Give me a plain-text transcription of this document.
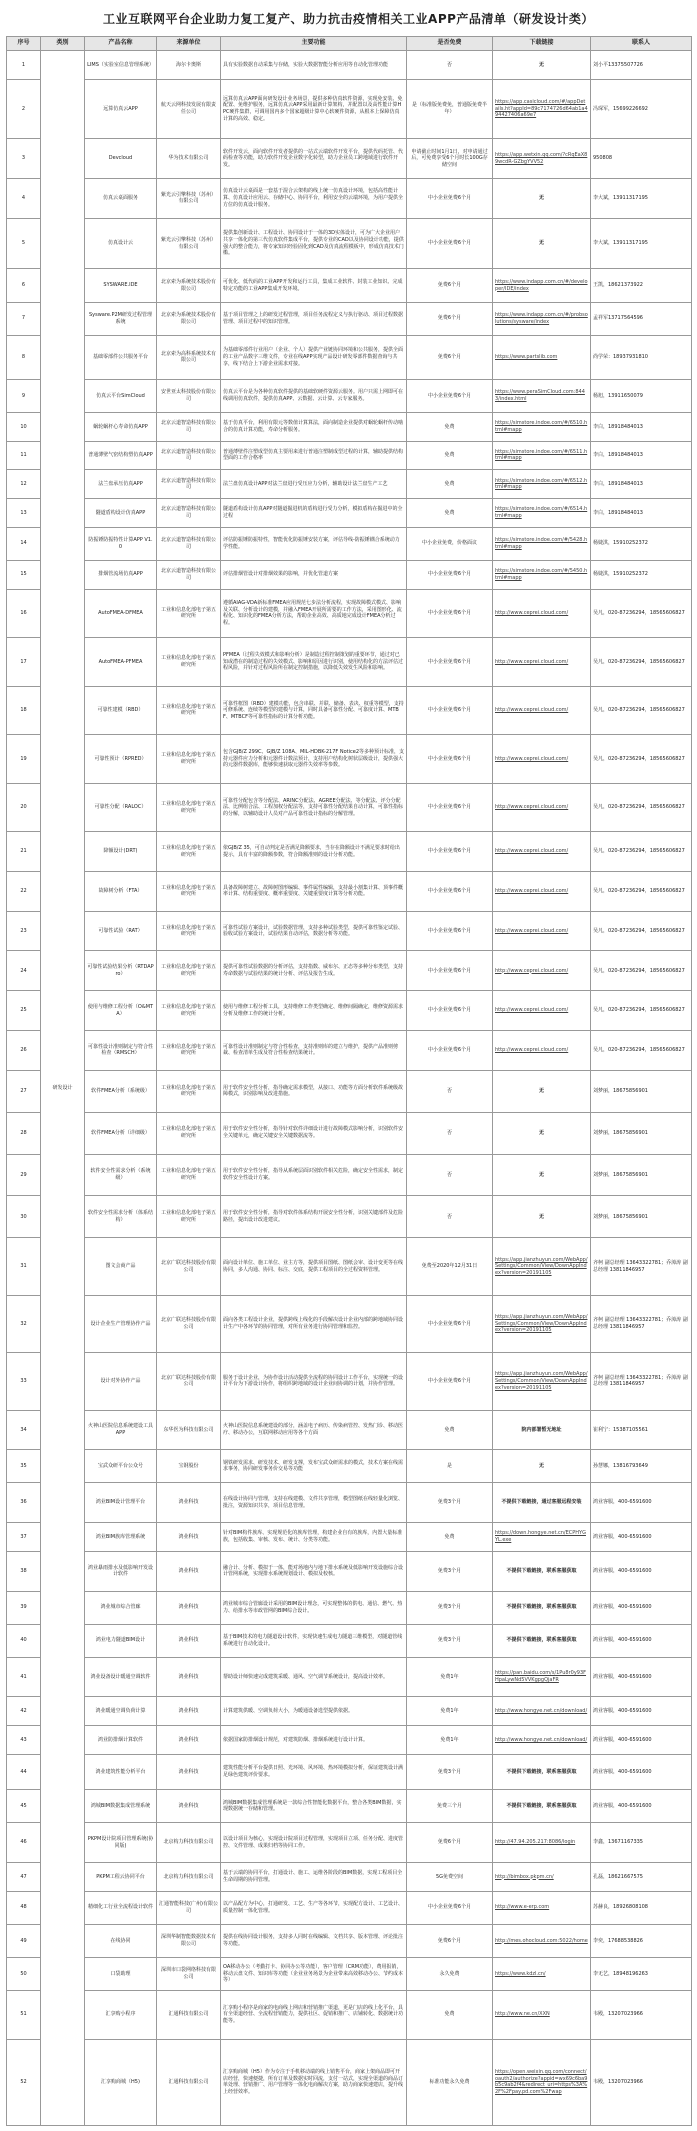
工业互联网平台企业助力复工复产、助力抗击疫情相关工业APP产品清单（研发设计类）
序号	类别	产品名称	来源单位	主要功能	是否免费	下载链接	联系人
1	研发设计	LIMS（实验室信息管理系统）	海尔卡奥斯	具有实验数据自动采集与存储，实验大数据智能分析应用等自动化管理功能	否	无	刘小平13375507726
2		远算仿真云APP	航天云网科技发展有限责任公司	远算仿真云APP面向研发设计业务场景，提供多种仿真软件资源，实现免安装、免配置、免维护服务，远算仿真云APP采用最新计算架构，并配置以及高性能计算HPC硬件集群，可调用国内多个国家超级计算中心软硬件资源，从根本上保障仿真计算的高效、稳定。	是（标准版免费免，普通版免费半年）	https://app.casicloud.com/#/appDetails.ht?appId=89c7174726d64ab1a494427406a69e7	冯琛军，15699226692
3		Devcloud	华为技术有限公司	软件开发云，面向软件开发者提供的一站式云端软件开发平台，提供代码托管、代码检查等功能，助力软件开发企业数字化转型，助力企业员工跨地域进行软件开发。	申请截止时间1月1日，对申请通过后，可免费享受6个月时长100G存储空间	https://app.wetxin.qq.com/?cRqEaX89wcdR-GZbgYVV52	950808
4		仿真云桌面服务	紫光云引擎科技（苏州）有限公司	仿真设计云桌面是一套基于混合云架构的线上统一仿真设计环境，包括高性能计算、仿真设计应用云、存储中心、协同平台，利用安全的云端环境，为用户提供全方位的仿真设计服务。	中小企业免费6个月	无	李大斌，13911317195
5		仿真设计云	紫光云引擎科技（苏州）有限公司	提供集创新设计、工程设计、协同设计于一体的3D实体设计，可为广大企业用户共享一体化的第三代仿真软件集成平台，提供专业的CAD以及协同设计功能，提供强大的整合能力，将专家知识经验固化到CAD及仿真流程模板中，形成仿真技术门槛。	中小企业免费6个月	无	李大斌，13911317195
6		SYSWARE.IDE	北京索为系统技术股份有限公司	可优化、低代码的工业APP开发和运行工具，集成工业软件、封装工业知识、完成特定功能的工业APP集成开发环境。	免费6个月	https://www.indapp.com.cn/#/developer/IDE/index	王凯，18621373922
7		Sysware.P2M研发过程管理系统	北京索为系统技术股份有限公司	基于项目管理之上的研发过程管理，项目任务流程定义与执行驱动、项目过程数据管理、项目过程中的知识管理。	免费6个月	https://www.indapp.com.cn/#/probsolutions/sysware/index	孟祥军13717564596
8		基础零部件公共服务平台	北京索为高科系统技术有限公司	为基础零部件行业用户（企业、个人）提供产业链协同环境和公共服务，提供全面的工业产品数字三维文件，专业在线APP实现产品设计研发零部件数据查询与共享，线下结合上下游企业需求对接。	免费6个月	https://www.partslib.com	尚学荣：18937931810
9		仿真云平台SimCloud	安世亚太科技股份有限公司	仿真云平台是为各种仿真软件提供的基础软硬件资源云服务。用户只需上网即可在线调用仿真软件，提供仿真APP、云数据、云计算、云专家服务。	中小企业免费6个月	https://www.peraSimCloud.com:8443/index.html	杨旭，13911650079
10		蜗轮蜗杆心寿命仿真APP	北京云道智造科技有限公司	基于仿真平台，利用有限元等数值计算算法，面向制造企业提供对蜗轮蜗杆传动啮合的仿真计算功能，寿命分析服务。	免费	https://simstore.indoe.com/#/6510.html#mapp	李白，18918484013
11		普通薄壁气密结构塑仿真APP	北京云道智造科技有限公司	普通薄壁件注塑成型仿真主要用来进行普通注塑制成型过程的计算，辅助提供结构型面的工作合格率	免费	https://simstore.indoe.com/#/6511.html#mapp	李白，18918484013
12		法兰盘承压仿真APP	北京云道智造科技有限公司	法兰盘仿真设计APP对法兰盘进行受压应力分析，辅助设计法兰盘生产工艺	免费	https://simstore.indoe.com/#/6512.html#mapp	李白，18918484013
13		隧道盾构设计仿真APP	北京云道智造科技有限公司	隧道盾构设计仿真APP对隧道掘进机的盾构进行受力分析，模拟盾构在掘进中的全过程	免费	https://simstore.indoe.com/#/6514.html#mapp	李白，18918484013
14		防振锤防振特性计算APP V1.0	北京云道智造科技有限公司	评估防振锤防振特性，智能优化防振锤安装方案，评估导线-防振锤耦合系统动力学性能。	中小企业免费，价格面议	https://simstore.indoe.com/#/5428.html#mapp	杨婕淇，15910252372
15		排烟管流场仿真APP	北京云道智造科技有限公司	评估排烟管设计对排烟效果的影响，并优化管道方案	中小企业免费6个月	https://simstore.indoe.com/#/5450.html#mapp	杨婕淇，15910252372
16		AutoFMEA-DFMEA	工业和信息化部电子第五研究所	遵循AIAG-VDA新标准FMEA应用规范七步法分析流程，实现故障模式模式、影响及关联、分析设计的建模，并融入FMEA开展所需要的工作方法，采用图形化、流程化、知识化的FMEA分析方法，帮助企业高效、高质地完成设计FMEA分析过程。	中小企业免费6个月	http://www.ceprei.cloud.com/	吴凡，020-87236294，18565606827
17		AutoFMEA-PFMEA	工业和信息化部电子第五研究所	PFMEA（过程失效模式和影响分析）是制造过程控制策划的重要环节，通过对已知或潜在的制造过程的失效模式、影响和原因进行识别，使用结构化的方法评估过程风险，并针对过程风险所在制定控制措施，以降低失效发生风险和影响。	中小企业免费6个月	http://www.ceprei.cloud.com/	吴凡，020-87236294，18565606827
18		可靠性建模（RBD）	工业和信息化部电子第五研究所	可靠性框图（RBD）建模功能，包含串联、并联、储备、表决、权重等模型，支持可修系统、连续等模型的建模与计算，同时具备可靠性分配、可靠度计算、MTBF、MTBCF等可靠性指标的计算分析功能。	中小企业免费6个月	http://www.ceprei.cloud.com/	吴凡，020-87236294，18565606827
19		可靠性预计（RPRED）	工业和信息化部电子第五研究所	包含GJB/Z 299C、GJB/Z 108A、MIL-HDBK-217F Notice2等多种预计标准，支持元器件应力分析和元器件计数法预计，支持用户结构化树状层级设计，提供强大的元器件数据库，能够快速获取元器件失效率等参数。	中小企业免费6个月	http://www.ceprei.cloud.com/	吴凡，020-87236294，18565606827
20		可靠性分配（RALOC）	工业和信息化部电子第五研究所	可靠性分配包含等分配法、ARINC分配法、AGREE分配法、等分配法、评分分配法、比例组合法、工程加权分配法等，支持可靠性分配结果自动计算，可靠性指标的分解，以辅助设计人员对产品可靠性设计指标的分解管理。	中小企业免费6个月	http://www.ceprei.cloud.com/	吴凡，020-87236294，18565606827
21		降额设计(DRT)	工业和信息化部电子第五研究所	依GJB/Z 35，可自动判定是否满足降额要求，当存在降额设计不满足要求时给出提示，具有丰富的降额参数，符合降额准则的设计分析功能。	中小企业免费6个月	http://www.ceprei.cloud.com/	吴凡，020-87236294，18565606827
22		故障树分析（FTA）	工业和信息化部电子第五研究所	具备故障树建立、故障树图形编辑、事件属性编辑，支持最小割集计算、顶事件概率计算、结构重要度、概率重要度、关键重要度计算等分析功能。	中小企业免费6个月	http://www.ceprei.cloud.com/	吴凡，020-87236294，18565606827
23		可靠性试验（RAT）	工业和信息化部电子第五研究所	可靠性试验方案设计，试验数据管理，支持多种试验类型，提供可靠性鉴定试验、验收试验方案设计，试验结果自动评估，数据分析等功能。	中小企业免费6个月	http://www.ceprei.cloud.com/	吴凡，020-87236294，18565606827
24		可靠性试验结果分析（RTDAPro）	工业和信息化部电子第五研究所	提供可靠性试验数据的分析评估，支持指数、威布尔、正态等多种分布类型，支持寿命数据与试验结果的统计分析、评估及报告生成。	中小企业免费6个月	http://www.ceprei.cloud.com/	吴凡，020-87236294，18565606827
25		使用与维修工程分析（O&MTA）	工业和信息化部电子第五研究所	使用与维修工程分析工具，支持维修工作类型确定、维修间隔确定，维修资源需求分析及维修工作的统计分析。	中小企业免费6个月	http://www.ceprei.cloud.com/	吴凡，020-87236294，18565606827
26		可靠性设计准则制定与符合性检查（RMSCH）	工业和信息化部电子第五研究所	可靠性设计准则制定与符合性检查，支持准则库的建立与维护，提供产品准则剪裁、检查清单生成及符合性检查结果统计。	中小企业免费6个月	http://www.ceprei.cloud.com/	吴凡，020-87236294，18565606827
27		软件FMEA分析（系统级）	工业和信息化部电子第五研究所	用于软件安全性分析，指导确定需求模型，从接口、功能等方面分析软件系统级故障模式，识别影响及改进措施。	否	无	刘梦丽，18675856901
28		软件FMEA分析（详细级）	工业和信息化部电子第五研究所	用于软件安全性分析，指导针对软件详细设计进行故障模式影响分析，识别软件安全关键单元，确定关键安全关键数据流等。	否	无	刘梦丽，18675856901
29		软件安全性需求分析（系统级）	工业和信息化部电子第五研究所	用于软件安全性分析，指导从系统层面识别软件相关危险，确定安全性需求，制定软件安全性设计方案。	否	无	刘梦丽，18675856901
30		软件安全性需求分析（体系结构）	工业和信息化部电子第五研究所	用于软件安全性分析，指导对软件体系结构开展安全性分析，识别关键部件及危险路径，提出设计改进建议。	否	无	刘梦丽，18675856901
31		图文会商产品	北京广联达科技股份有限公司	面向设计单位、施工单位、业主方等，提供项目图纸、图纸会审、设计变更等在线协同，多人沟通、协同、标注、交底，提供工程项目的全过程资料管理。	免费至2020年12月31日	https://app.jianzhuyun.com/WebApp/Settings/Common/View/DownAppIndex?version=20191105	齐柯 副总经理 13643322781；乔漳涛 副总经理 13811846957
32		设计企业生产管理协作产品	北京广联达科技股份有限公司	面向各类工程设计企业，提供跨线上线化的手段解决设计企业内部的跨地域协同设计生产中各环节的协同管理，对所有业务进行协同管理和监控。	中小企业免费6个月	https://app.jianzhuyun.com/WebApp/Settings/Common/View/DownAppIndex?version=20191105	齐柯 副总经理 13643322781；乔漳涛 副总经理 13811846957
33		设计对外协作产品	北京广联达科技股份有限公司	服务于设计企业，为协作设计活动提供全流程的协同设计工作平台，实现统一的设计平台为下游设计协作，将组织跨地域的设计企业间协调的计划，并协作管理。	中小企业免费6个月	https://app.jianzhuyun.com/WebApp/Settings/Common/View/DownAppIndex?version=20191105	齐柯 副总经理 13643322781；乔漳涛 副总经理 13811846957
34		火神山医院信息系统建设工具APP	东华医为科技有限公司	火神山医院信息系统建设的部分，涵盖电子病历、传染病管控、发热门诊、移动医疗、移动办公，互联网移动应用等各个方面	免费	院内部署暂无地址	崔利宁：15387105561
35		宝武众研平台公众号	宝钢股份	钢铁研发需求、研发技术、研发支撑，发布宝武众研需求的模式，技术方案在线需求事务，协同研发事务价交易等功能	是	无	孙慧娜，13816793649
36		鸿业BIM设计管理平台	鸿业科技	在线设计协同与管理，支持在线建模、文件共享管理，模型图纸在线轻量化浏览、批注，资源知识共享，项目信息管理。	免费3个月	不提供下载链接，通过客服远程安装	鸿业客服，400-6591600
37		鸿业BIM族库管理系统	鸿业科技	针对BIM构件族库、实现规范化的族库管理，构建企业自有的族库，内置大量标准族，包括收集、审核、发布、统计、分类等功能。	免费	https://down.hongye.net.cn/ECPHYGYL.exe	鸿业客服，400-6591600
38		鸿业暴雨排水及低影响开发设计软件	鸿业科技	融合计、分析、模拟于一体，能对场地内与地下排水系统及低影响开发设施综合设计管网系统，实现排水系统规划设计、模拟及校核。	免费3个月	不提供下载链接，联系客服获取	鸿业客服，400-6591600
39		鸿业城市综合管廊	鸿业科技	鸿业城市综合管廊设计采用的BIM设计理念，可实现整体的供电、通信、燃气、热力、给排水等市政管网的BIM综合设计。	免费3个月	不提供下载链接，联系客服获取	鸿业客服，400-6591600
40		鸿业电力隧道BIM设计	鸿业科技	基于BIM技术的电力隧道设计软件，实现快速生成电力隧道三维模型，对隧道管线系统进行自动化设计。	免费3个月	不提供下载链接，联系客服获取	鸿业客服，400-6591600
41		鸿业设备设计暖通空调软件	鸿业科技	帮助设计师快速完成建筑采暖、通风、空气调节系统设计，提高设计效率。	免费1年	https://pan.baidu.com/s/1Pu8r0y93FHpaLywNd5VVKgpgQjaFR	鸿业客服，400-6591600
42		鸿业暖通空调负荷计算	鸿业科技	计算建筑供暖、空调负荷大小，为暖通设备选型提供依据。	免费1年	http://www.hongye.net.cn/download/	鸿业客服，400-6591600
43		鸿业防排烟计算软件	鸿业科技	依据国家防排烟设计规范，对建筑防烟、排烟系统进行设计计算。	免费1年	http://www.hongye.net.cn/download/	鸿业客服，400-6591600
44		鸿业建筑性能分析平台	鸿业科技	建筑性能分析平台提供日照、光环境、风环境、热环境模拟分析，保证建筑设计满足绿色建筑评价要求。	免费3个月	不提供下载链接，联系客服获取	鸿业客服，400-6591600
45		鸿城BIM数据集成管理系统	鸿业科技	鸿城BIM数据集成管理系统是一款综合性智能化数据平台，整合各类BIM数据，实现数据统一存储和管理。	免费三个月	不提供下载链接，联系客服获取	鸿业客服，400-6591600
46		PKPM设计院项目管理系统(协同版)	北京构力科技有限公司	以设计项目为核心，实现设计院项目过程管理，实现项目立项、任务分配、进度管控、文件管理、成果归档等协同工作。	免费6个月	http://47.94.205.217:8086/login	李鑫，13671167335
47		PKPM工程云协同平台	北京构力科技有限公司	基于云端的协同平台，打通设计、施工、运维各阶段的BIM数据，实现工程项目全生命周期的协同管理。	5G免费空间	http://bimbox.pkpm.cn/	孔磊，18621667575
48		精细化工行业全流程设计软件	汇通智能科技(广州)有限公司	以产品配方为中心，打通研发、工艺、生产等各环节，实现配方设计、工艺设计、质量控制一体化管理。	中小企业免费6个月	http://www.e-erp.com	苏赫良，18926808108
49		在线协同	深圳华制智能数据技术有限公司	提供在线协同设计服务，支持多人同时在线编辑、文档共享、版本管理、评论批注等功能。	免费6个月	http://mes.ohocloud.com:5022/home	李奕，17688538826
50		口袋助理	深圳市口袋网络科技有限公司	OA移动办公（考勤打卡、协同办公等功能），客户管理（CRM功能），费用报销，移动云盘文件、知识库等功能（企业业务场景为企业带来高效移动办公、节约成本等）	永久免费	https://www.kdzl.cn/	李无艺，18948196263
51		汇享购小程序	汇通科技有限公司	汇享购小程序是商家的电商线上网店和营销推广渠道，更是门店的线上化平台，具有全渠道经营、全流程营销能力，提供社区、促销和推广、店铺转化、数据统计功能等。	免费	http://www.ne.cn/XXN	韦殿，13207023966
52		汇享购商城（H5)	汇通科技有限公司	汇享购商城（H5）作为专注于手机移动端的线上销售平台，商家上架商品即可开店经营，快速便捷，所有订单及数据实时回流，支付一站式，实现全渠道的商品订单处理、营销推广、用户管理等一体化电商解决方案，助力商家快速建店，提升线上经营效率。	标准功能永久免费	https://open.weixin.qq.com/connect/oauth2/authorize?appid=wx69c6ba9b5c9ab2f4&redirect_uri=https%3A%2F%2Fpay.pd.com%2Fwap	韦殿，13207023966
